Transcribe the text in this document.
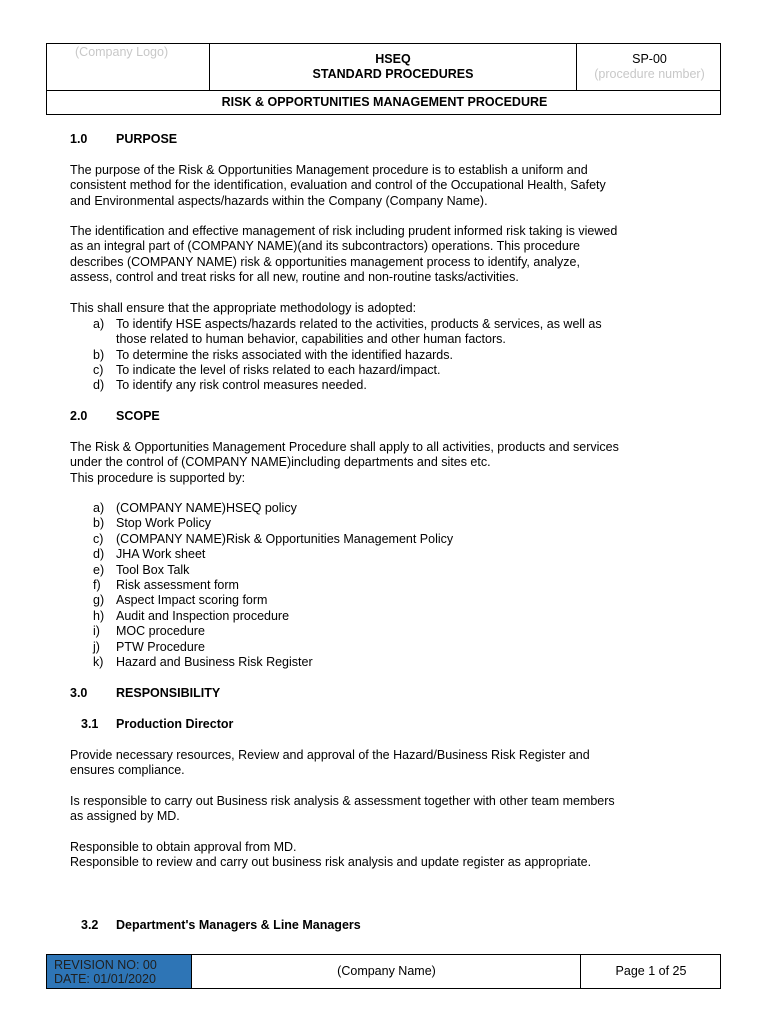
(Company Logo)	HSEQ
STANDARD PROCEDURES
SP-00
(procedure number)
RISK & OPPORTUNITIES MANAGEMENT PROCEDURE
1.0 PURPOSE
The purpose of the Risk & Opportunities Management procedure is to establish a uniform and
consistent method for the identification, evaluation and control of the Occupational Health, Safety
and Environmental aspects/hazards within the Company (Company Name).
The identification and effective management of risk including prudent informed risk taking is viewed
as an integral part of (COMPANY NAME)(and its subcontractors) operations. This procedure
describes (COMPANY NAME) risk & opportunities management process to identify, analyze,
assess, control and treat risks for all new, routine and non-routine tasks/activities.
This shall ensure that the appropriate methodology is adopted:
a) To identify HSE aspects/hazards related to the activities, products & services, as well as
those related to human behavior, capabilities and other human factors.
b) To determine the risks associated with the identified hazards.
c) To indicate the level of risks related to each hazard/impact.
d) To identify any risk control measures needed.
2.0 SCOPE
The Risk & Opportunities Management Procedure shall apply to all activities, products and services
under the control of (COMPANY NAME)including departments and sites etc.
This procedure is supported by:
a) (COMPANY NAME)HSEQ policy
b) Stop Work Policy
c) (COMPANY NAME)Risk & Opportunities Management Policy
d) JHA Work sheet
e) Tool Box Talk
f) Risk assessment form
g) Aspect Impact scoring form
h) Audit and Inspection procedure
i) MOC procedure
j) PTW Procedure
k) Hazard and Business Risk Register
3.0 RESPONSIBILITY
3.1 Production Director
Provide necessary resources, Review and approval of the Hazard/Business Risk Register and
ensures compliance.
Is responsible to carry out Business risk analysis & assessment together with other team members
as assigned by MD.
Responsible to obtain approval from MD.
Responsible to review and carry out business risk analysis and update register as appropriate.
3.2 Department's Managers & Line Managers
REVISION NO: 00
DATE: 01/01/2020
(Company Name)	Page 1 of 25
